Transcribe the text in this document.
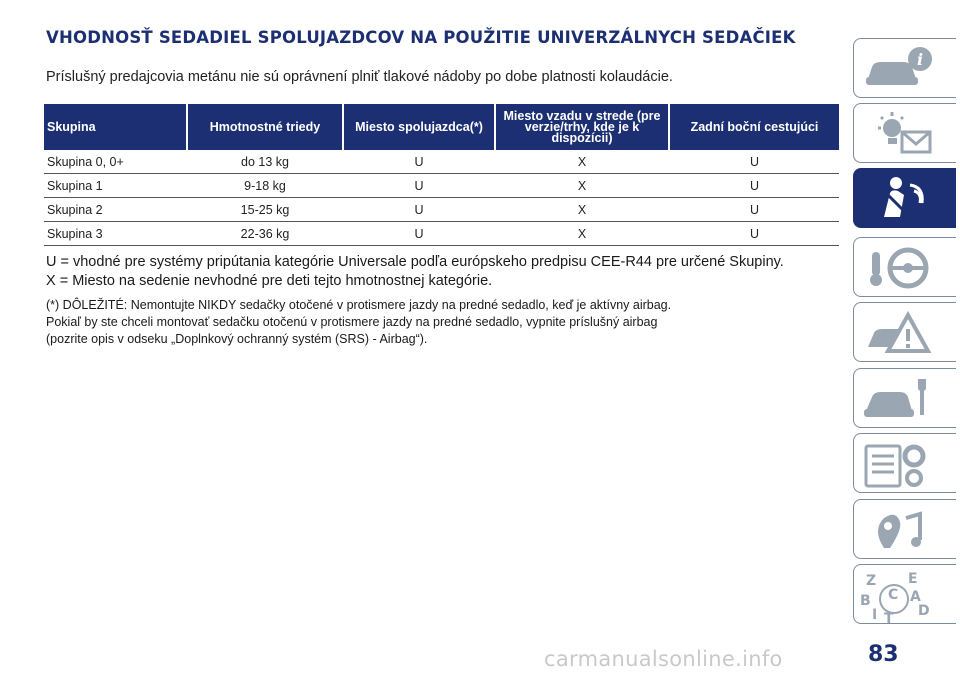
VHODNOSŤ SEDADIEL SPOLUJAZDCOV NA POUŽITIE UNIVERZÁLNYCH SEDAČIEK
Príslušný predajcovia metánu nie sú oprávnení plniť tlakové nádoby po dobe platnosti kolaudácie.
Skupina		Hmotnostné triedy		Miesto spolujazdca(*)		Miesto vzadu v strede (pre verzie/trhy, kde je k dispozícii)		Zadní boční cestujúci
Skupina 0, 0+		do 13 kg		U		X		U
Skupina 1		9-18 kg		U		X		U
Skupina 2		15-25 kg		U		X		U
Skupina 3		22-36 kg		U		X		U

U = vhodné pre systémy pripútania kategórie Universale podľa európskeho predpisu CEE-R44 pre určené Skupiny.

X = Miesto na sedenie nevhodné pre deti tejto hmotnostnej kategórie.

(*) DÔLEŽITÉ: Nemontujte NIKDY sedačky otočené v protismere jazdy na predné sedadlo, keď je aktívny airbag.

Pokiaľ by ste chceli montovať sedačku otočenú v protismere jazdy na predné sedadlo, vypnite príslušný airbag

(pozrite opis v odseku „Doplnkový ochranný systém (SRS) - Airbag“).

i
Z E
A
B C
D
I T
83
carmanualsonline.info
